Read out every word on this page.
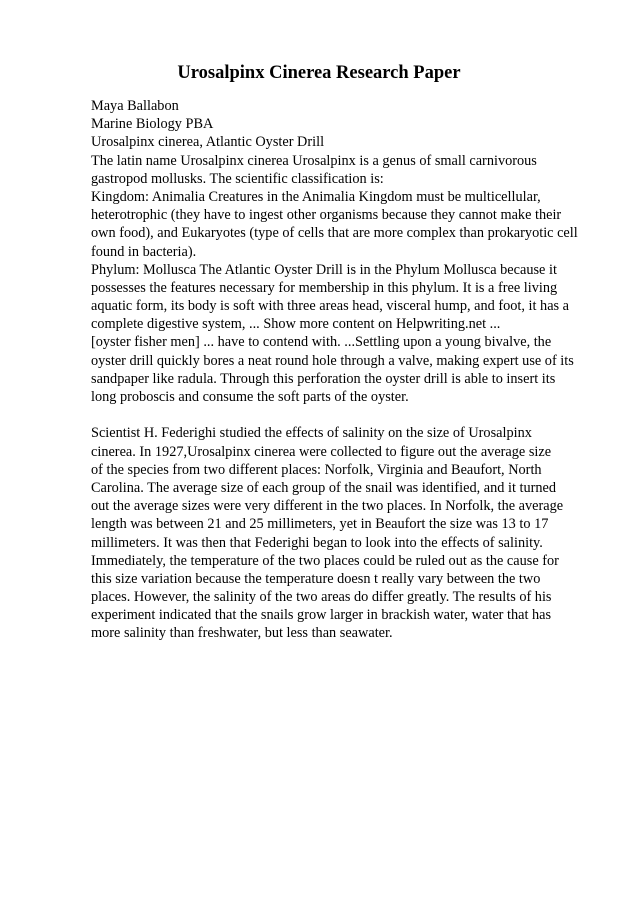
Urosalpinx Cinerea Research Paper
Maya Ballabon
Marine Biology PBA
Urosalpinx cinerea, Atlantic Oyster Drill
The latin name Urosalpinx cinerea Urosalpinx is a genus of small carnivorous
gastropod mollusks. The scientific classification is:
Kingdom: Animalia Creatures in the Animalia Kingdom must be multicellular,
heterotrophic (they have to ingest other organisms because they cannot make their
own food), and Eukaryotes (type of cells that are more complex than prokaryotic cell
found in bacteria).
Phylum: Mollusca The Atlantic Oyster Drill is in the Phylum Mollusca because it
possesses the features necessary for membership in this phylum. It is a free living
aquatic form, its body is soft with three areas head, visceral hump, and foot, it has a
complete digestive system, ... Show more content on Helpwriting.net ...
[oyster fisher men] ... have to contend with. ...Settling upon a young bivalve, the
oyster drill quickly bores a neat round hole through a valve, making expert use of its
sandpaper like radula. Through this perforation the oyster drill is able to insert its
long proboscis and consume the soft parts of the oyster.
Scientist H. Federighi studied the effects of salinity on the size of Urosalpinx
cinerea. In 1927,Urosalpinx cinerea were collected to figure out the average size
of the species from two different places: Norfolk, Virginia and Beaufort, North
Carolina. The average size of each group of the snail was identified, and it turned
out the average sizes were very different in the two places. In Norfolk, the average
length was between 21 and 25 millimeters, yet in Beaufort the size was 13 to 17
millimeters. It was then that Federighi began to look into the effects of salinity.
Immediately, the temperature of the two places could be ruled out as the cause for
this size variation because the temperature doesn t really vary between the two
places. However, the salinity of the two areas do differ greatly. The results of his
experiment indicated that the snails grow larger in brackish water, water that has
more salinity than freshwater, but less than seawater.
